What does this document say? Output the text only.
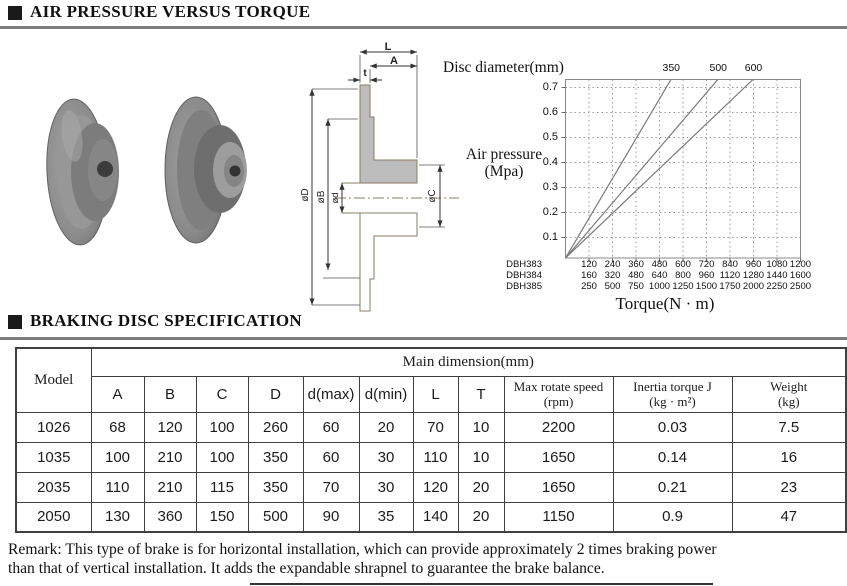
AIR PRESSURE VERSUS TORQUE
L
A
t
øD øB ød	øC
Disc diameter(mm)
Air pressure
(Mpa)
0.7
0.6
0.5
0.4
0.3
0.2
0.1
350	500	600
DBH383	120 240 360 480 600 720 840 960 1080 1200
DBH384	160 320 480 640 800 960 1120 1280 1440 1600
DBH385	250 500 750 1000 1250 1500 1750 2000 2250 2500
Torque(N · m)
BRAKING DISC SPECIFICATION
Model	Main dimension(mm)										
A	B	C	D	d(max)	d(min)	L	T	Max rotate speed
(rpm)

Inertia torque J
(kg · m²)

Weight
(kg)

1026	68	120	100	260	60	20	70	10	2200	0.03	7.5
1035	100	210	100	350	60	30	110	10	1650	0.14	16
2035	110	210	115	350	70	30	120	20	1650	0.21	23
2050	130	360	150	500	90	35	140	20	1150	0.9	47
Remark: This type of brake is for horizontal installation, which can provide approximately 2 times braking power
than that of vertical installation. It adds the expandable shrapnel to guarantee the brake balance.
